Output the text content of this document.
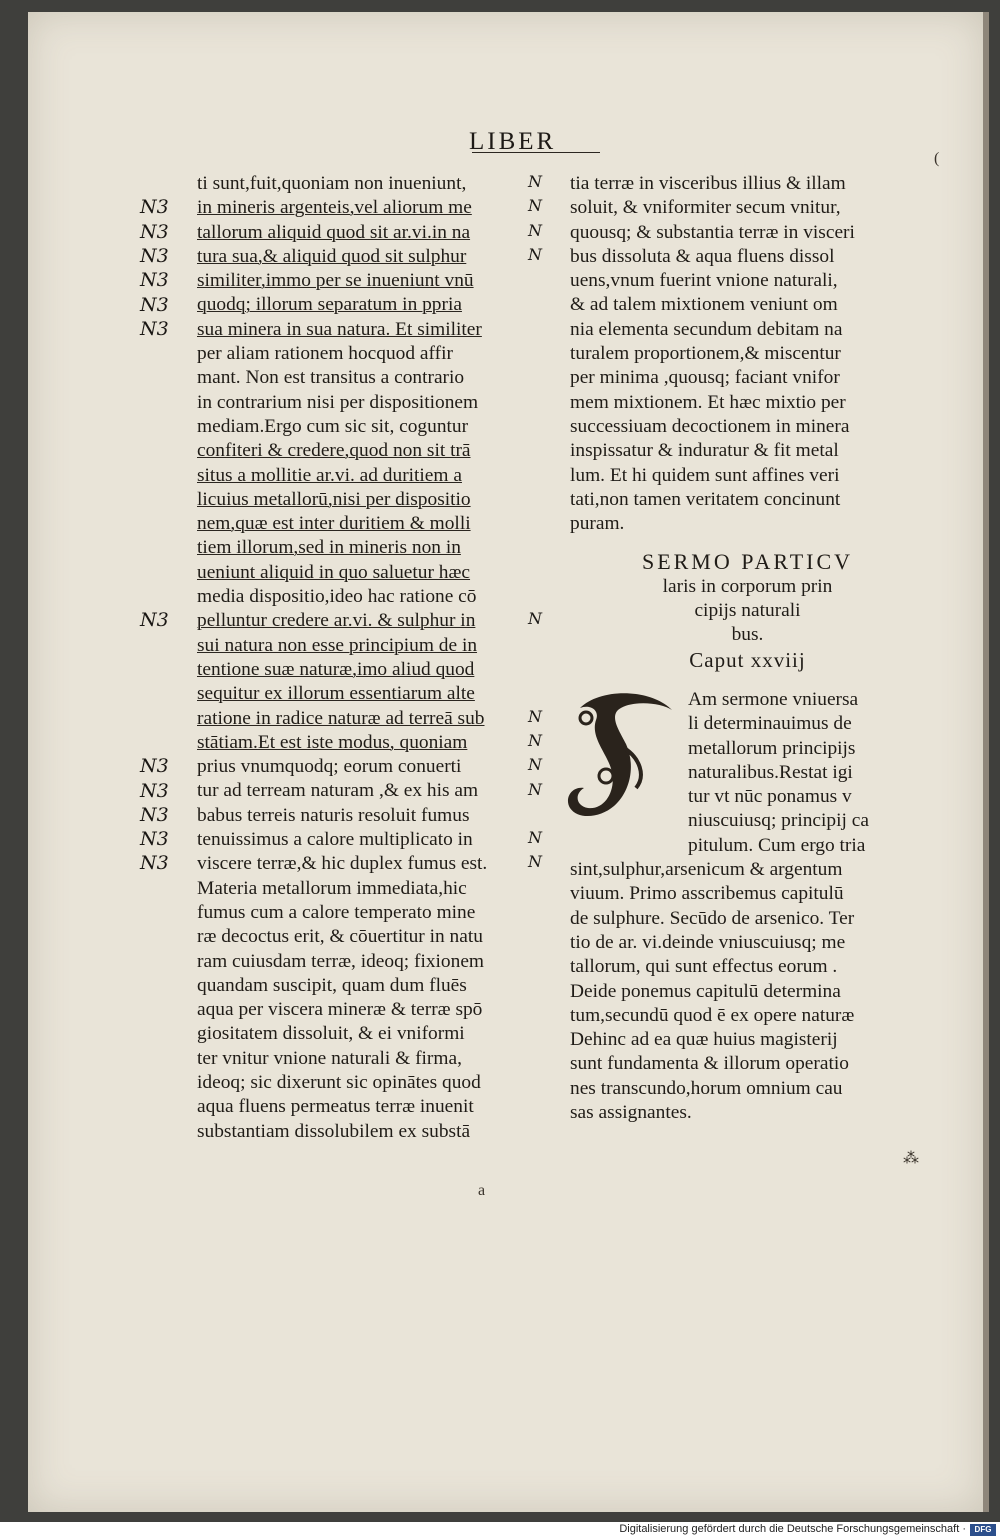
LIBER
(
ti sunt,fuit,quoniam non inueniunt,
in mineris argenteis,vel aliorum me
tallorum aliquid quod sit ar.vi.in na
tura sua,& aliquid quod sit sulphur
similiter,immo per se inueniunt vnū
quodq; illorum separatum in ppria
sua minera in sua natura. Et similiter
per aliam rationem hocquod affir
mant. Non est transitus a contrario
in contrarium nisi per dispositionem
mediam.Ergo cum sic sit, coguntur
confiteri & credere,quod non sit trā
situs a mollitie ar.vi. ad duritiem a
licuius metallorū,nisi per dispositio
nem,quæ est inter duritiem & molli
tiem illorum,sed in mineris non in
ueniunt aliquid in quo saluetur hæc
media dispositio,ideo hac ratione cō
pelluntur credere ar.vi. & sulphur in
sui natura non esse principium de in
tentione suæ naturæ,imo aliud quod
sequitur ex illorum essentiarum alte
ratione in radice naturæ ad terreā sub
stātiam.Et est iste modus, quoniam
prius vnumquodq; eorum conuerti
tur ad terream naturam ,& ex his am
babus terreis naturis resoluit fumus
tenuissimus a calore multiplicato in
viscere terræ,& hic duplex fumus est.
Materia metallorum immediata,hic
fumus cum a calore temperato mine
ræ decoctus erit, & cōuertitur in natu
ram cuiusdam terræ, ideoq; fixionem
quandam suscipit, quam dum fluēs
aqua per viscera mineræ & terræ spō
giositatem dissoluit, & ei vniformi
ter vnitur vnione naturali & firma,
ideoq; sic dixerunt sic opinātes quod
aqua fluens permeatus terræ inuenit
substantiam dissolubilem ex substā
N3
N3
N3
N3
N3
N3
N3
N3
N3
N3
N3
N3
N
N
N
N
N
N
N
N
N
N
N
tia terræ in visceribus illius & illam
soluit, & vniformiter secum vnitur,
quousq; & substantia terræ in visceri
bus dissoluta & aqua fluens dissol
uens,vnum fuerint vnione naturali,
& ad talem mixtionem veniunt om
nia elementa secundum debitam na
turalem proportionem,& miscentur
per minima ,quousq; faciant vnifor
mem mixtionem. Et hæc mixtio per
successiuam decoctionem in minera
inspissatur & induratur & fit metal
lum. Et hi quidem sunt affines veri
tati,non tamen veritatem concinunt
puram.
SERMO PARTICV
laris in corporum prin
cipijs naturali
bus.
Caput xxviij
Am sermone vniuersa
li determinauimus de
metallorum principijs
naturalibus.Restat igi
tur vt nūc ponamus v
niuscuiusq; principij ca
pitulum. Cum ergo tria
sint,sulphur,arsenicum & argentum
viuum. Primo asscribemus capitulū
de sulphure. Secūdo de arsenico. Ter
tio de ar. vi.deinde vniuscuiusq; me
tallorum, qui sunt effectus eorum .
Deide ponemus capitulū determina
tum,secundū quod ē ex opere naturæ
Dehinc ad ea quæ huius magisterij
sunt fundamenta & illorum operatio
nes transcundo,horum omnium cau
sas assignantes.
a
⁂
Digitalisierung gefördert durch die Deutsche Forschungsgemeinschaft ·	DFG
